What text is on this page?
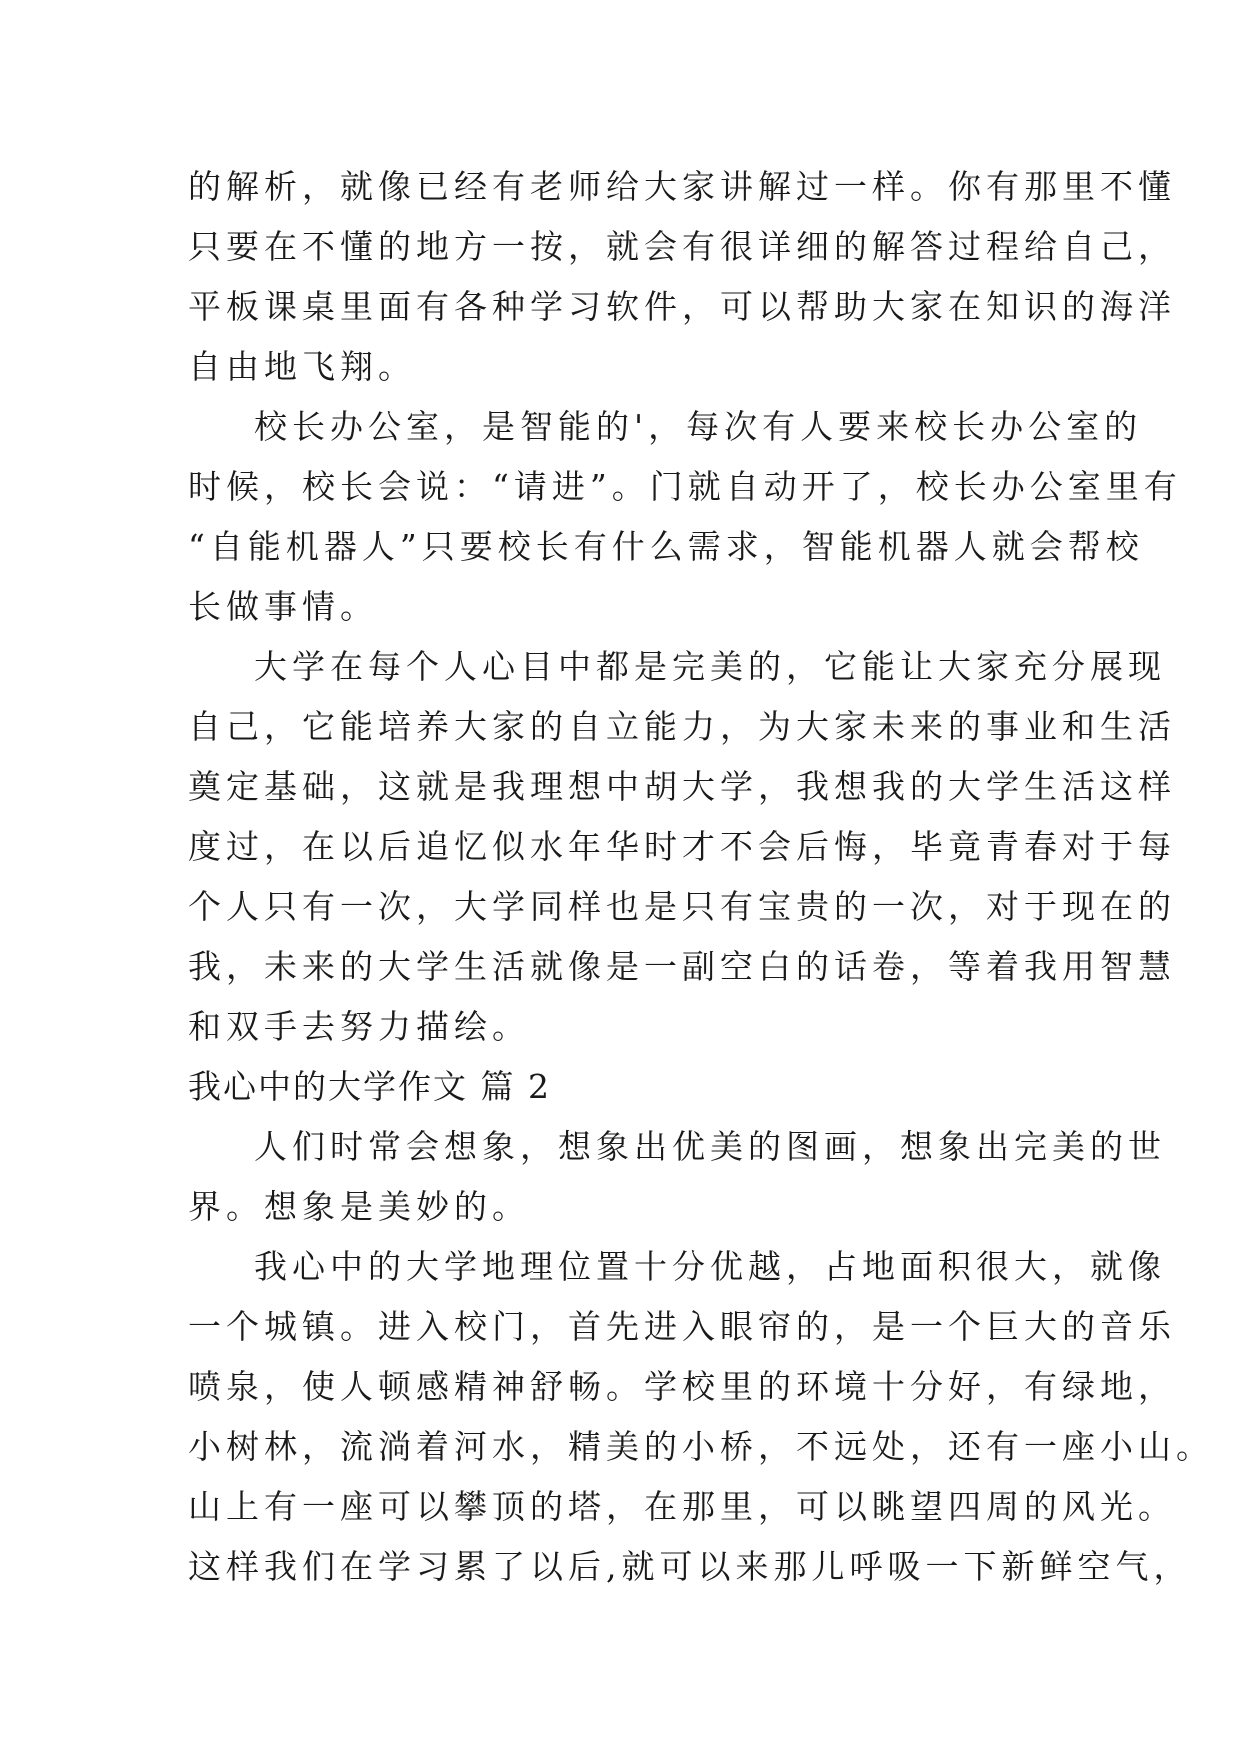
的解析，就像已经有老师给大家讲解过一样。你有那里不懂
只要在不懂的地方一按，就会有很详细的解答过程给自己，
平板课桌里面有各种学习软件，可以帮助大家在知识的海洋
自由地飞翔。
校长办公室，是智能的'，每次有人要来校长办公室的
时候，校长会说：“请进”。门就自动开了，校长办公室里有
“自能机器人”只要校长有什么需求，智能机器人就会帮校
长做事情。
大学在每个人心目中都是完美的，它能让大家充分展现
自己，它能培养大家的自立能力，为大家未来的事业和生活
奠定基础，这就是我理想中胡大学，我想我的大学生活这样
度过，在以后追忆似水年华时才不会后悔，毕竟青春对于每
个人只有一次，大学同样也是只有宝贵的一次，对于现在的
我，未来的大学生活就像是一副空白的话卷，等着我用智慧
和双手去努力描绘。
我心中的大学作文 篇 2
人们时常会想象，想象出优美的图画，想象出完美的世
界。想象是美妙的。
我心中的大学地理位置十分优越，占地面积很大，就像
一个城镇。进入校门，首先进入眼帘的，是一个巨大的音乐
喷泉，使人顿感精神舒畅。学校里的环境十分好，有绿地，
小树林，流淌着河水，精美的小桥，不远处，还有一座小山。
山上有一座可以攀顶的塔，在那里，可以眺望四周的风光。
这样我们在学习累了以后,就可以来那儿呼吸一下新鲜空气，
